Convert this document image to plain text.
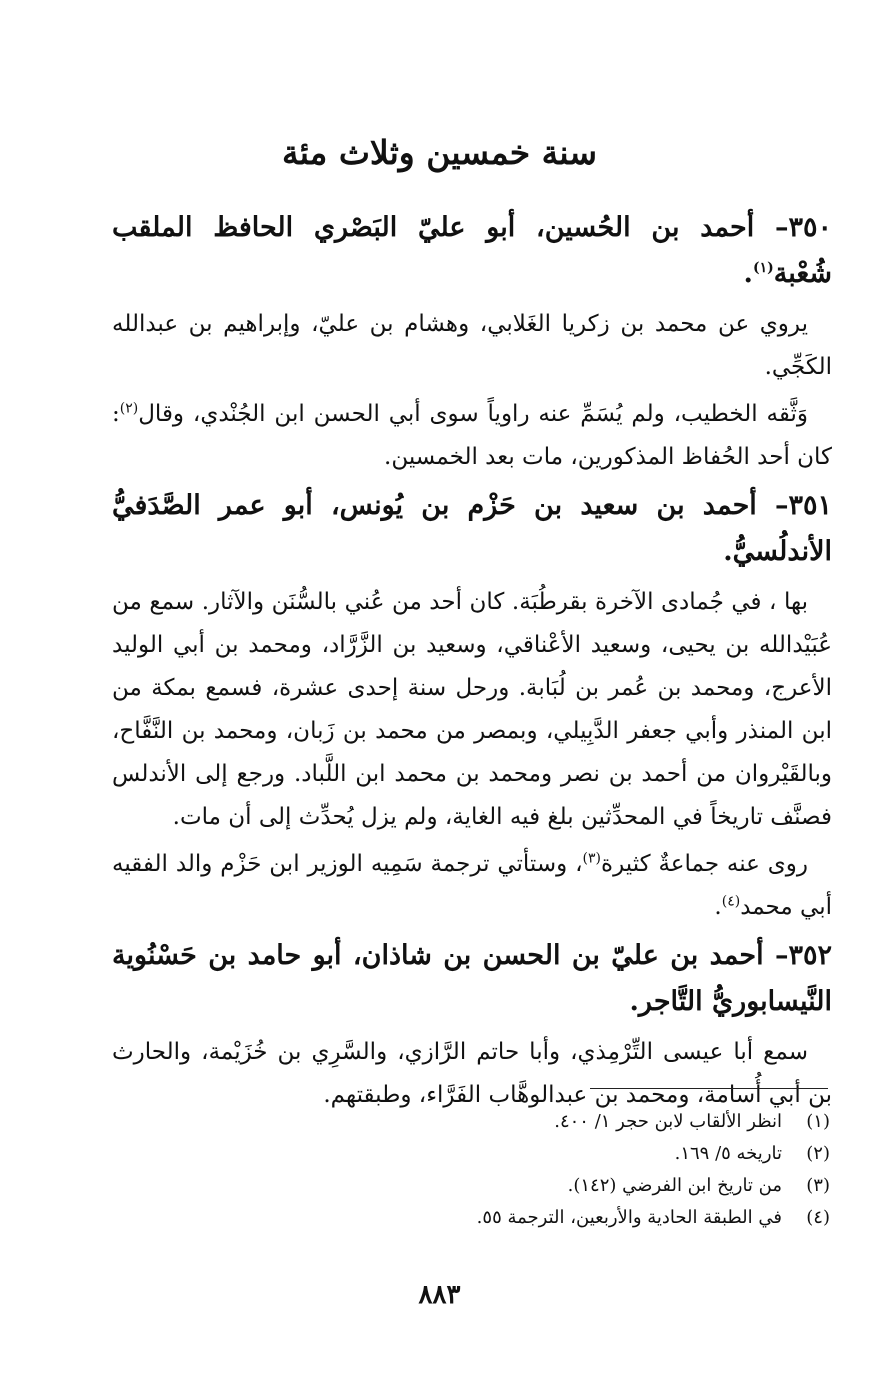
سنة خمسين وثلاث مئة
٣٥٠– أحمد بن الحُسين، أبو عليّ البَصْري الحافظ الملقب شُعْبة$^{(١)}$.

يروي عن محمد بن زكريا الغَلابي، وهشام بن عليّ، وإبراهيم بن عبدالله الكَجِّي.

وَثَّقه الخطيب، ولم يُسَمِّ عنه راوياً سوى أبي الحسن ابن الجُنْدي، وقال$^{(٢)}$: كان أحد الحُفاظ المذكورين، مات بعد الخمسين.

٣٥١– أحمد بن سعيد بن حَزْم بن يُونس، أبو عمر الصَّدَفيُّ الأندلُسيُّ.

بها ، في جُمادى الآخرة بقرطُبَة. كان أحد من عُني بالسُّنَن والآثار. سمع من عُبَيْدالله بن يحيى، وسعيد الأعْناقي، وسعيد بن الزَّرَّاد، ومحمد بن أبي الوليد الأعرج، ومحمد بن عُمر بن لُبَابة. ورحل سنة إحدى عشرة، فسمع بمكة من ابن المنذر وأبي جعفر الدَّبِيلي، وبمصر من محمد بن زَبان، ومحمد بن النَّفَّاح، وبالقَيْروان من أحمد بن نصر ومحمد بن محمد ابن اللَّباد. ورجع إلى الأندلس فصنَّف تاريخاً في المحدِّثين بلغ فيه الغاية، ولم يزل يُحدِّث إلى أن مات.

روى عنه جماعةٌ كثيرة$^{(٣)}$، وستأتي ترجمة سَمِيه الوزير ابن حَزْم والد الفقيه أبي محمد$^{(٤)}$.

٣٥٢– أحمد بن عليّ بن الحسن بن شاذان، أبو حامد بن حَسْنُوية النَّيسابوريُّ التَّاجر.

سمع أبا عيسى التِّرْمِذي، وأبا حاتم الرَّازي، والسَّرِي بن خُزَيْمة، والحارث بن أبي أُسامة، ومحمد بن عبدالوهَّاب الفَرَّاء، وطبقتهم.

(١)
انظر الألقاب لابن حجر ١/ ٤٠٠.
(٢)
تاريخه ٥/ ١٦٩.
(٣)
من تاريخ ابن الفرضي (١٤٢).
(٤)
في الطبقة الحادية والأربعين، الترجمة ٥٥.
٨٨٣
